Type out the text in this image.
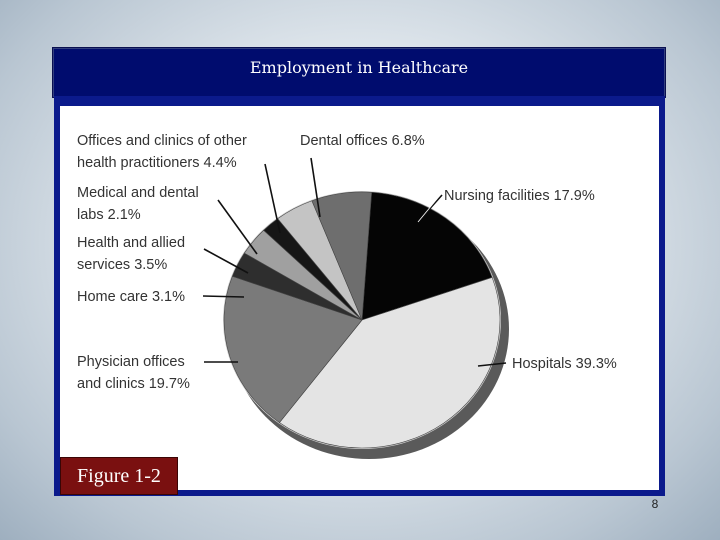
Employment in Healthcare
Nursing facilities 17.9%
Hospitals 39.3%
Physician offices
and clinics 19.7%
Home care 3.1%
Health and allied
services 3.5%
Medical and dental
labs 2.1%
Offices and clinics of other
health practitioners 4.4%
Dental offices 6.8%
Figure 1-2
8
